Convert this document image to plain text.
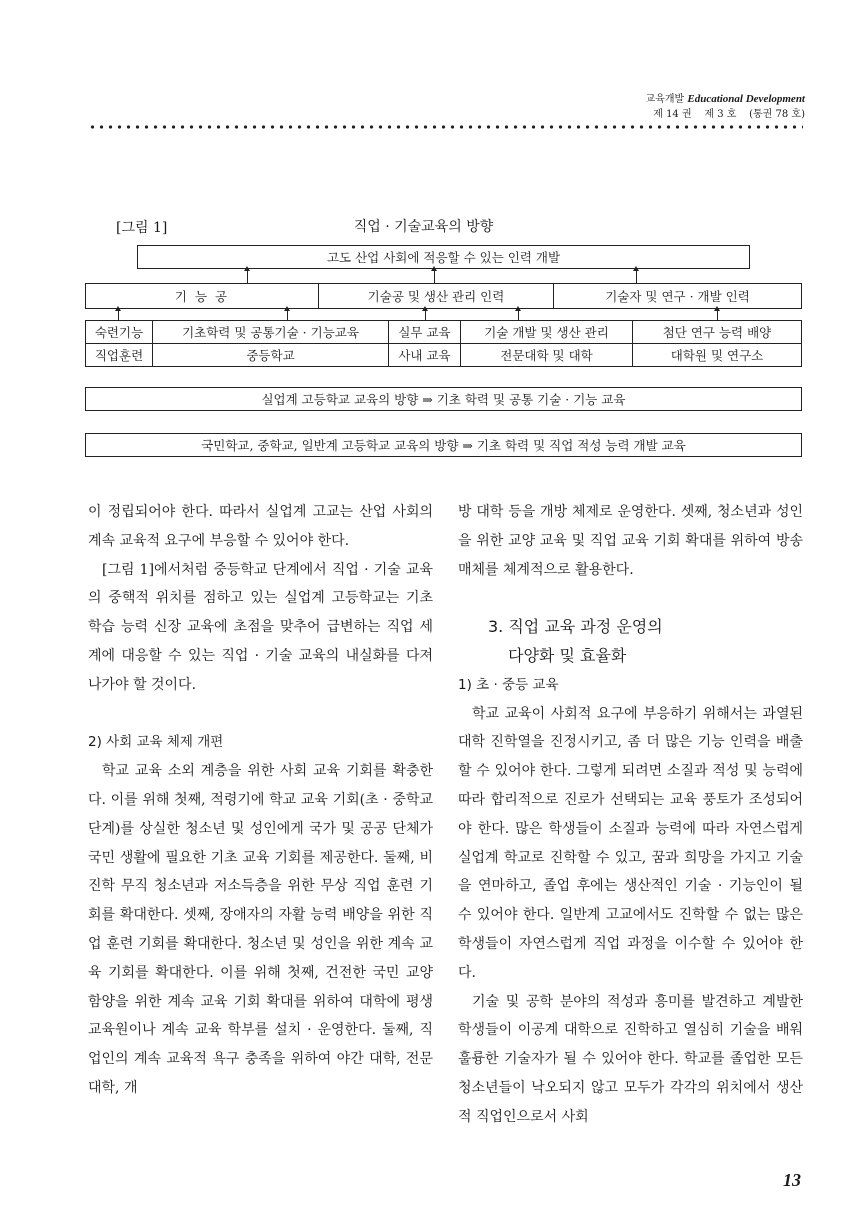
교육개발 Educational Development
제 14 권 제 3 호 (통권 78 호)
[그림 1]	직업 · 기술교육의 방향
고도 산업 사회에 적응할 수 있는 인력 개발
기 능 공	기술공 및 생산 관리 인력	기술자 및 연구 · 개발 인력
숙련기능	기초학력 및 공통기술 · 기능교육	실무 교육	기술 개발 및 생산 관리	첨단 연구 능력 배양
직업훈련	중등학교	사내 교육	전문대학 및 대학	대학원 및 연구소
실업계 고등학교 교육의 방향 ⇒ 기초 학력 및 공통 기술 · 기능 교육
국민학교, 중학교, 일반계 고등학교 교육의 방향 ⇒ 기초 학력 및 직업 적성 능력 개발 교육

이 정립되어야 한다. 따라서 실업계 고교는 산업 사회의 계속 교육적 요구에 부응할 수 있어야 한다.

[그림 1]에서처럼 중등학교 단계에서 직업 · 기술 교육의 중핵적 위치를 점하고 있는 실업계 고등학교는 기초 학습 능력 신장 교육에 초점을 맞추어 급변하는 직업 세계에 대응할 수 있는 직업 · 기술 교육의 내실화를 다져 나가야 할 것이다.

2) 사회 교육 체제 개편

학교 교육 소외 계층을 위한 사회 교육 기회를 확충한다. 이를 위해 첫째, 적령기에 학교 교육 기회(초 · 중학교 단계)를 상실한 청소년 및 성인에게 국가 및 공공 단체가 국민 생활에 필요한 기초 교육 기회를 제공한다. 둘째, 비진학 무직 청소년과 저소득층을 위한 무상 직업 훈련 기회를 확대한다. 셋째, 장애자의 자활 능력 배양을 위한 직업 훈련 기회를 확대한다. 청소년 및 성인을 위한 계속 교육 기회를 확대한다. 이를 위해 첫째, 건전한 국민 교양 함양을 위한 계속 교육 기회 확대를 위하여 대학에 평생 교육원이나 계속 교육 학부를 설치 · 운영한다. 둘째, 직업인의 계속 교육적 욕구 충족을 위하여 야간 대학, 전문 대학, 개

방 대학 등을 개방 체제로 운영한다. 셋째, 청소년과 성인을 위한 교양 교육 및 직업 교육 기회 확대를 위하여 방송 매체를 체계적으로 활용한다.

3. 직업 교육 과정 운영의

다양화 및 효율화

1) 초 · 중등 교육

학교 교육이 사회적 요구에 부응하기 위해서는 과열된 대학 진학열을 진정시키고, 좀 더 많은 기능 인력을 배출할 수 있어야 한다. 그렇게 되려면 소질과 적성 및 능력에 따라 합리적으로 진로가 선택되는 교육 풍토가 조성되어야 한다. 많은 학생들이 소질과 능력에 따라 자연스럽게 실업계 학교로 진학할 수 있고, 꿈과 희망을 가지고 기술을 연마하고, 졸업 후에는 생산적인 기술 · 기능인이 될 수 있어야 한다. 일반계 고교에서도 진학할 수 없는 많은 학생들이 자연스럽게 직업 과정을 이수할 수 있어야 한다.

기술 및 공학 분야의 적성과 흥미를 발견하고 계발한 학생들이 이공계 대학으로 진학하고 열심히 기술을 배워 훌륭한 기술자가 될 수 있어야 한다. 학교를 졸업한 모든 청소년들이 낙오되지 않고 모두가 각각의 위치에서 생산적 직업인으로서 사회

13
